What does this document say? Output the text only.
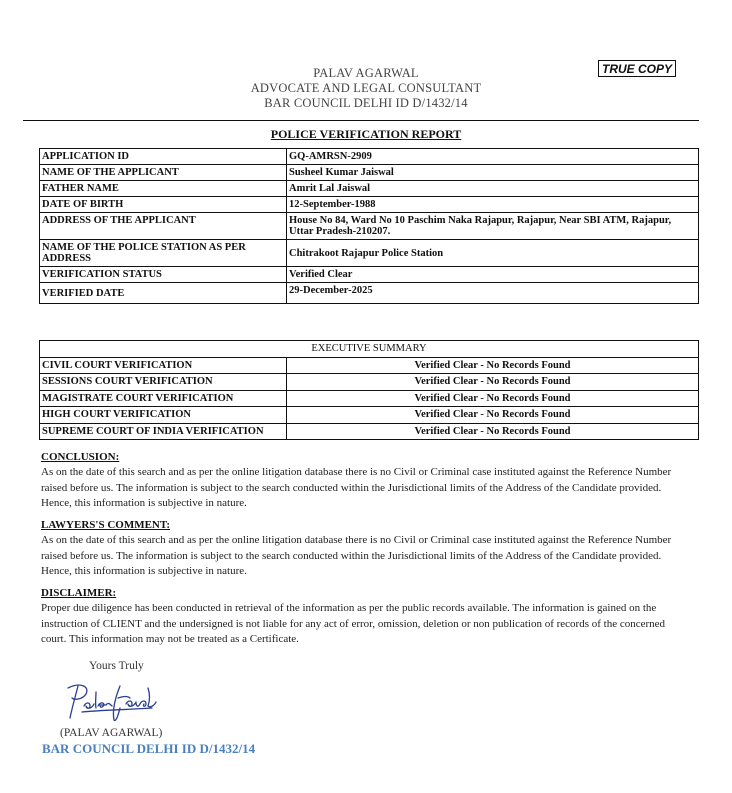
TRUE COPY
PALAV AGARWAL
ADVOCATE AND LEGAL CONSULTANT
BAR COUNCIL DELHI ID D/1432/14
POLICE VERIFICATION REPORT
APPLICATION ID	GQ-AMRSN-2909
NAME OF THE APPLICANT	Susheel Kumar Jaiswal
FATHER NAME	Amrit Lal Jaiswal
DATE OF BIRTH	12-September-1988
ADDRESS OF THE APPLICANT	House No 84, Ward No 10 Paschim Naka Rajapur, Rajapur, Near SBI ATM, Rajapur, Uttar Pradesh-210207.
NAME OF THE POLICE STATION AS PER ADDRESS	Chitrakoot Rajapur Police Station
VERIFICATION STATUS	Verified Clear
VERIFIED DATE	29-December-2025
EXECUTIVE SUMMARY	
CIVIL COURT VERIFICATION	Verified Clear - No Records Found
SESSIONS COURT VERIFICATION	Verified Clear - No Records Found
MAGISTRATE COURT VERIFICATION	Verified Clear - No Records Found
HIGH COURT VERIFICATION	Verified Clear - No Records Found
SUPREME COURT OF INDIA VERIFICATION	Verified Clear - No Records Found
CONCLUSION:
As on the date of this search and as per the online litigation database there is no Civil or Criminal case instituted against the Reference Number raised before us. The information is subject to the search conducted within the Jurisdictional limits of the Address of the Candidate provided. Hence, this information is subjective in nature.
LAWYERS'S COMMENT:
As on the date of this search and as per the online litigation database there is no Civil or Criminal case instituted against the Reference Number raised before us. The information is subject to the search conducted within the Jurisdictional limits of the Address of the Candidate provided. Hence, this information is subjective in nature.
DISCLAIMER:
Proper due diligence has been conducted in retrieval of the information as per the public records available. The information is gained on the instruction of CLIENT and the undersigned is not liable for any act of error, omission, deletion or non publication of records of the concerned court. This information may not be treated as a Certificate.
Yours Truly
(PALAV AGARWAL)
BAR COUNCIL DELHI ID D/1432/14
